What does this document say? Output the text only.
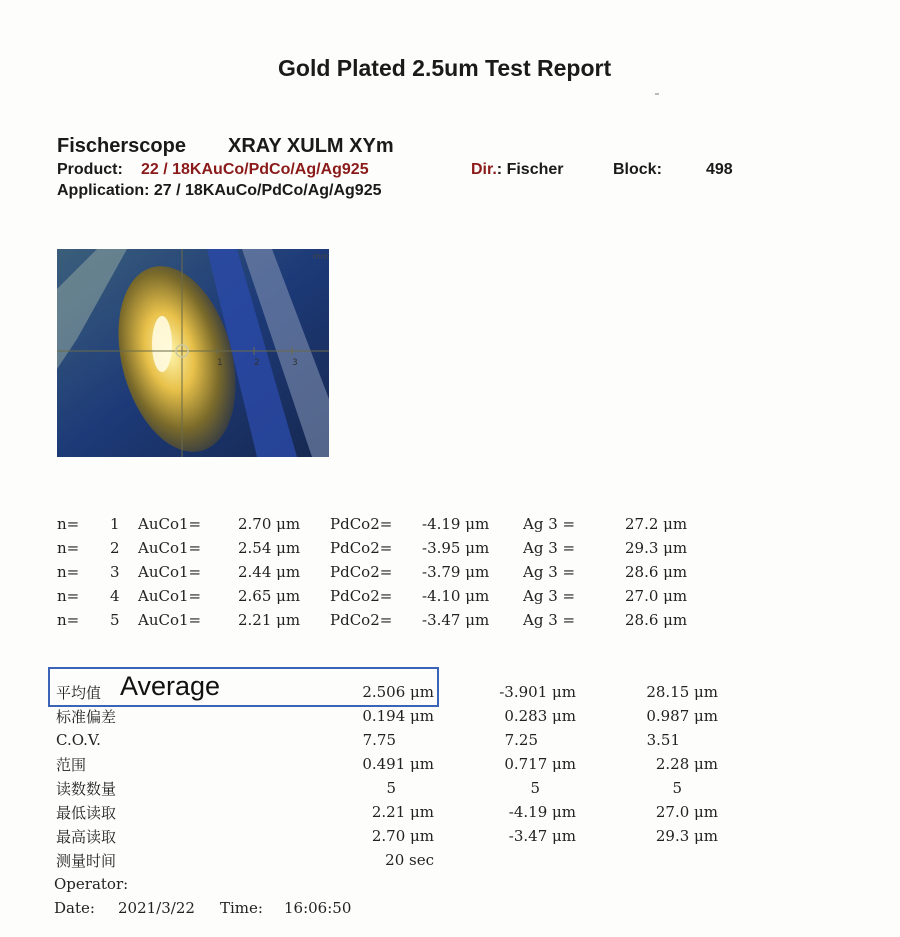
Gold Plated 2.5um Test Report
Fischerscope XRAY XULM XYm
Product: 22 / 18KAuCo/PdCo/Ag/Ag925	Dir.: Fischer	Block:	498
Application: 27 / 18KAuCo/PdCo/Ag/Ag925
1	2	3
mm
n= 1 AuCo1= 2.70 μm PdCo2= -4.19 μm Ag 3 =	27.2 μm
n= 2 AuCo1= 2.54 μm PdCo2= -3.95 μm Ag 3 =	29.3 μm
n= 3 AuCo1= 2.44 μm PdCo2= -3.79 μm Ag 3 =	28.6 μm
n= 4 AuCo1= 2.65 μm PdCo2= -4.10 μm Ag 3 =	27.0 μm
n= 5 AuCo1= 2.21 μm PdCo2= -3.47 μm Ag 3 =	28.6 μm
Average
平均值	2.506 μm	-3.901 μm	28.15 μm
标准偏差	0.194 μm	0.283 μm	0.987 μm
C.O.V.	7.75	7.25	3.51
范围	0.491 μm	0.717 μm	2.28 μm
读数数量	5	5	5
最低读取	2.21 μm	-4.19 μm	27.0 μm
最高读取	2.70 μm	-3.47 μm	29.3 μm
测量时间	20 sec
Operator:
Date: 2021/3/22 Time: 16:06:50
